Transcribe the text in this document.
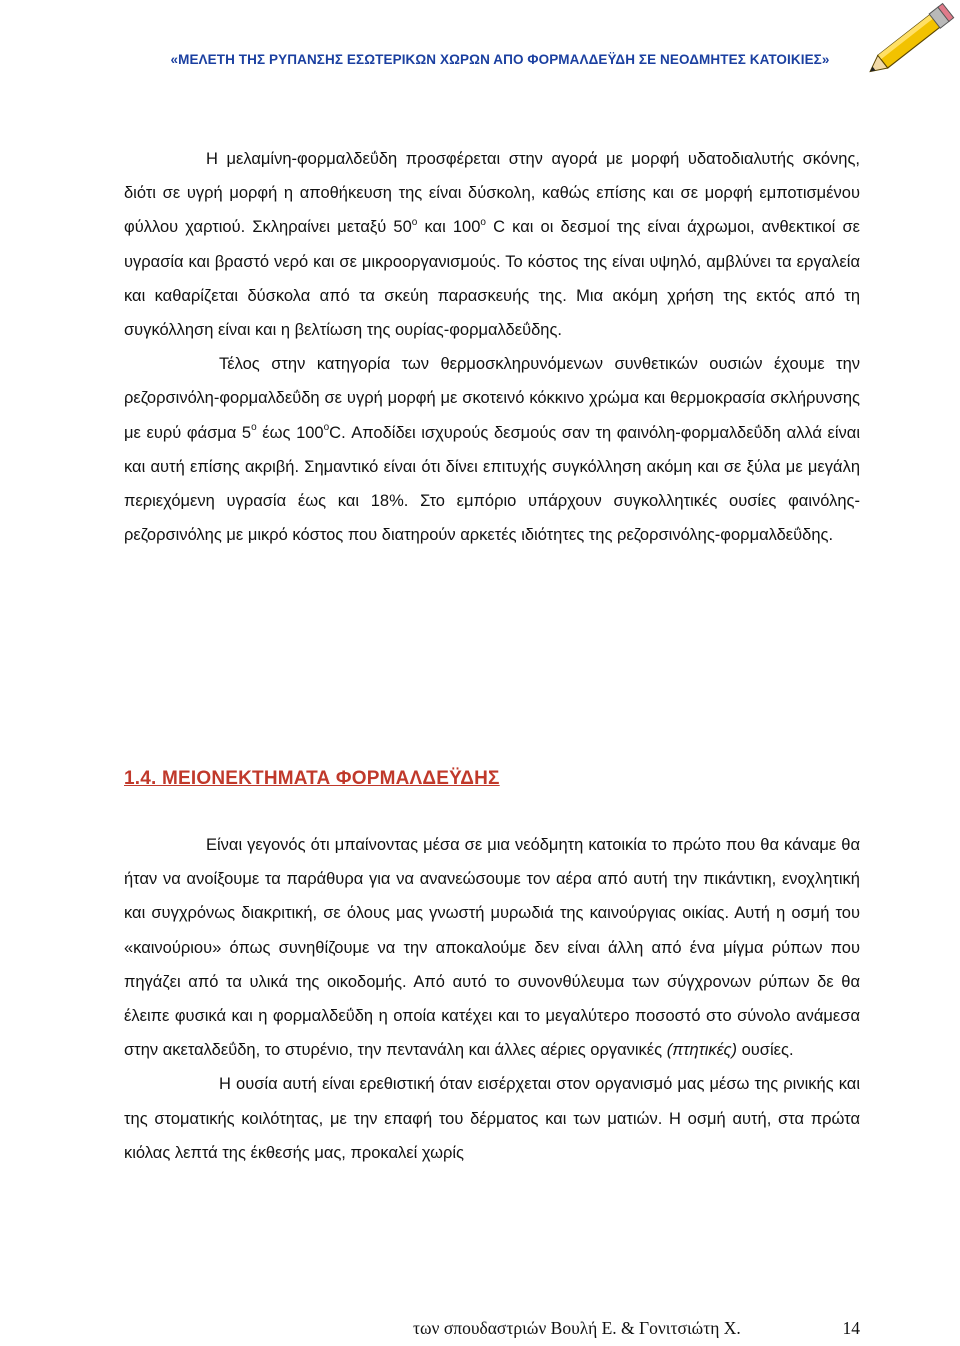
«ΜΕΛΕΤΗ ΤΗΣ ΡΥΠΑΝΣΗΣ ΕΣΩΤΕΡΙΚΩΝ ΧΩΡΩΝ ΑΠΟ ΦΟΡΜΑΛΔΕΫΔΗ ΣΕ ΝΕΟΔΜΗΤΕΣ ΚΑΤΟΙΚΙΕΣ»

Η μελαμίνη-φορμαλδεΰδη προσφέρεται στην αγορά με μορφή υδατοδιαλυτής σκόνης, διότι σε υγρή μορφή η αποθήκευση της είναι δύσκολη, καθώς επίσης και σε μορφή εμποτισμένου φύλλου χαρτιού. Σκληραίνει μεταξύ $50^o$ και $100^o$ C και οι δεσμοί της είναι άχρωμοι, ανθεκτικοί σε υγρασία και βραστό νερό και σε μικροοργανισμούς. Το κόστος της είναι υψηλό, αμβλύνει τα εργαλεία και καθαρίζεται δύσκολα από τα σκεύη παρασκευής της. Μια ακόμη χρήση της εκτός από τη συγκόλληση είναι και η βελτίωση της ουρίας-φορμαλδεΰδης.

Τέλος στην κατηγορία των θερμοσκληρυνόμενων συνθετικών ουσιών έχουμε την ρεζορσινόλη-φορμαλδεΰδη σε υγρή μορφή με σκοτεινό κόκκινο χρώμα και θερμοκρασία σκλήρυνσης με ευρύ φάσμα $5^o$ έως $100^oC$. Αποδίδει ισχυρούς δεσμούς σαν τη φαινόλη-φορμαλδεΰδη αλλά είναι και αυτή επίσης ακριβή. Σημαντικό είναι ότι δίνει επιτυχής συγκόλληση ακόμη και σε ξύλα με μεγάλη περιεχόμενη υγρασία έως και 18%. Στο εμπόριο υπάρχουν συγκολλητικές ουσίες φαινόλης-ρεζορσινόλης με μικρό κόστος που διατηρούν αρκετές ιδιότητες της ρεζορσινόλης-φορμαλδεΰδης.

1.4. ΜΕΙΟΝΕΚΤΗΜΑΤΑ ΦΟΡΜΑΛΔΕΫΔΗΣ

Είναι γεγονός ότι μπαίνοντας μέσα σε μια νεόδμητη κατοικία το πρώτο που θα κάναμε θα ήταν να ανοίξουμε τα παράθυρα για να ανανεώσουμε τον αέρα από αυτή την πικάντικη, ενοχλητική και συγχρόνως διακριτική, σε όλους μας γνωστή μυρωδιά της καινούργιας οικίας. Αυτή η οσμή του «καινούριου» όπως συνηθίζουμε να την αποκαλούμε δεν είναι άλλη από ένα μίγμα ρύπων που πηγάζει από τα υλικά της οικοδομής. Από αυτό το συνονθύλευμα των σύγχρονων ρύπων δε θα έλειπε φυσικά και η φορμαλδεΰδη η οποία κατέχει και το μεγαλύτερο ποσοστό στο σύνολο ανάμεσα στην ακεταλδεΰδη, το στυρένιο, την πεντανάλη και άλλες αέριες οργανικές (πτητικές) ουσίες.

Η ουσία αυτή είναι ερεθιστική όταν εισέρχεται στον οργανισμό μας μέσω της ρινικής και της στοματικής κοιλότητας, με την επαφή του δέρματος και των ματιών. Η οσμή αυτή, στα πρώτα κιόλας λεπτά της έκθεσής μας, προκαλεί χωρίς

των σπουδαστριών Βουλή Ε. & Γονιτσιώτη Χ.	14
